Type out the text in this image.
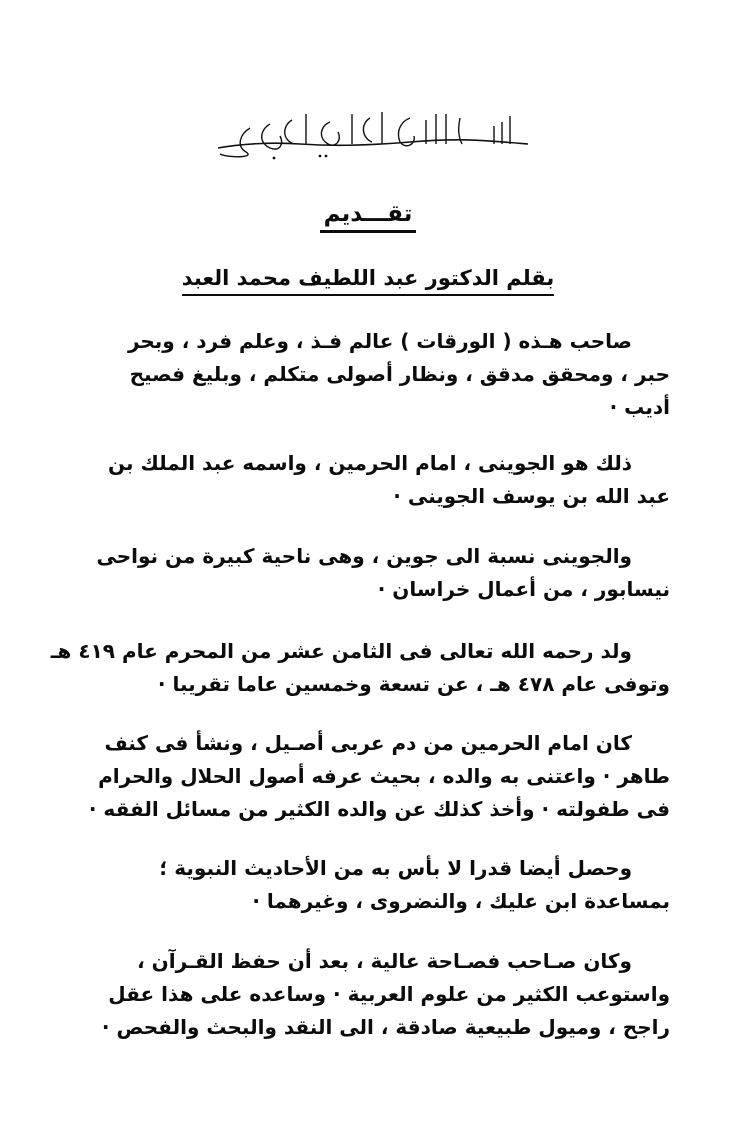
تقـــديم
بقلم الدكتور عبد اللطيف محمد العبد
صاحب هـذه ( الورقات ) عالم فـذ ، وعلم فرد ، وبحر
حبر ، ومحقق مدقق ، ونظار أصولى متكلم ، وبليغ فصيح
أديب ·
ذلك هو الجوينى ، امام الحرمين ، واسمه عبد الملك بن
عبد الله بن يوسف الجوينى ·
والجوينى نسبة الى جوين ، وهى ناحية كبيرة من نواحى
نيسابور ، من أعمال خراسان ·
ولد رحمه الله تعالى فى الثامن عشر من المحرم عام ٤١٩ هـ
وتوفى عام ٤٧٨ هـ ، عن تسعة وخمسين عاما تقريبا ·
كان امام الحرمين من دم عربى أصـيل ، ونشأ فى كنف
طاهر · واعتنى به والده ، بحيث عرفه أصول الحلال والحرام
فى طفولته · وأخذ كذلك عن والده الكثير من مسائل الفقه ·
وحصل أيضا قدرا لا بأس به من الأحاديث النبوية ؛
بمساعدة ابن عليك ، والنضروى ، وغيرهما ·
وكان صـاحب فصـاحة عالية ، بعد أن حفظ القـرآن ،
واستوعب الكثير من علوم العربية · وساعده على هذا عقل
راجح ، وميول طبيعية صادقة ، الى النقد والبحث والفحص ·
